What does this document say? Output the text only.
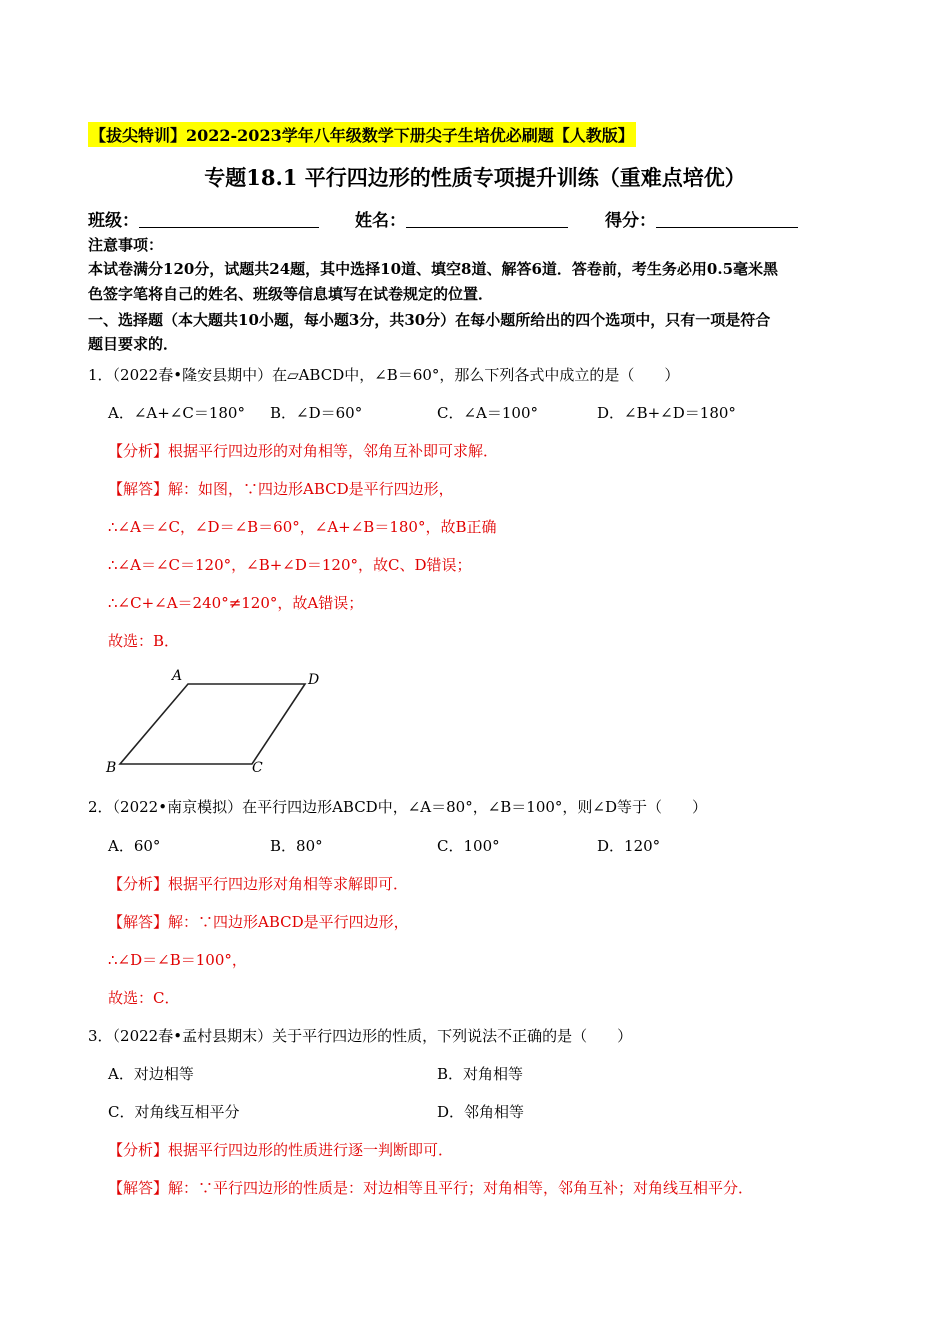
【拔尖特训】2022-2023学年八年级数学下册尖子生培优必刷题【人教版】
专题18.1 平行四边形的性质专项提升训练（重难点培优）
班级：	姓名：	得分：
注意事项：
本试卷满分120分，试题共24题，其中选择10道、填空8道、解答6道．答卷前，考生务必用0.5毫米黑
色签字笔将自己的姓名、班级等信息填写在试卷规定的位置．
一、选择题（本大题共10小题，每小题3分，共30分）在每小题所给出的四个选项中，只有一项是符合
题目要求的．
1．（2022春•隆安县期中）在▱ABCD中，∠B＝60°，那么下列各式中成立的是（　　）
A．∠A+∠C＝180° B．∠D＝60°	C．∠A＝100°	D．∠B+∠D＝180°
【分析】根据平行四边形的对角相等，邻角互补即可求解．
【解答】解：如图，∵四边形ABCD是平行四边形，
∴∠A＝∠C，∠D＝∠B＝60°，∠A+∠B＝180°，故B正确
∴∠A＝∠C＝120°，∠B+∠D＝120°，故C、D错误；
∴∠C+∠A＝240°≠120°，故A错误；
故选：B．
A	D
B	C
2．（2022•南京模拟）在平行四边形ABCD中，∠A＝80°，∠B＝100°，则∠D等于（　　）
A．60°	B．80°	C．100°	D．120°
【分析】根据平行四边形对角相等求解即可．
【解答】解：∵四边形ABCD是平行四边形，
∴∠D＝∠B＝100°，
故选：C．
3．（2022春•孟村县期末）关于平行四边形的性质，下列说法不正确的是（　　）
A．对边相等	B．对角相等
C．对角线互相平分	D．邻角相等
【分析】根据平行四边形的性质进行逐一判断即可．
【解答】解：∵平行四边形的性质是：对边相等且平行；对角相等，邻角互补；对角线互相平分．
